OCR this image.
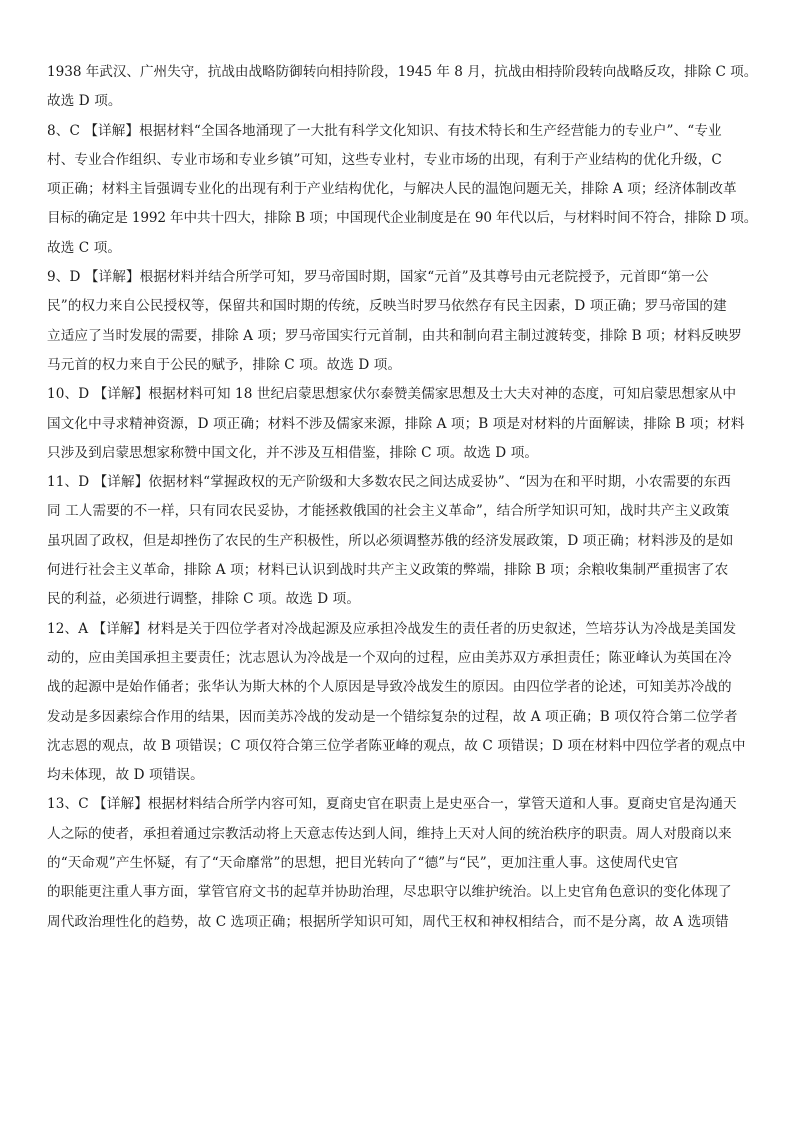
1938 年武汉、广州失守，抗战由战略防御转向相持阶段，1945 年 8 月，抗战由相持阶段转向战略反攻，排除 C 项。
故选 D 项。
8、C 【详解】根据材料“全国各地涌现了一大批有科学文化知识、有技术特长和生产经营能力的专业户”、“专业
村、专业合作组织、专业市场和专业乡镇”可知，这些专业村，专业市场的出现，有利于产业结构的优化升级，C
项正确；材料主旨强调专业化的出现有利于产业结构优化，与解决人民的温饱问题无关，排除 A 项；经济体制改革
目标的确定是 1992 年中共十四大，排除 B 项；中国现代企业制度是在 90 年代以后，与材料时间不符合，排除 D 项。
故选 C 项。
9、D 【详解】根据材料并结合所学可知，罗马帝国时期，国家“元首”及其尊号由元老院授予，元首即“第一公
民”的权力来自公民授权等，保留共和国时期的传统，反映当时罗马依然存有民主因素，D 项正确；罗马帝国的建
立适应了当时发展的需要，排除 A 项；罗马帝国实行元首制，由共和制向君主制过渡转变，排除 B 项；材料反映罗
马元首的权力来自于公民的赋予，排除 C 项。故选 D 项。
10、D 【详解】根据材料可知 18 世纪启蒙思想家伏尔泰赞美儒家思想及士大夫对神的态度，可知启蒙思想家从中
国文化中寻求精神资源，D 项正确；材料不涉及儒家来源，排除 A 项；B 项是对材料的片面解读，排除 B 项；材料
只涉及到启蒙思想家称赞中国文化，并不涉及互相借鉴，排除 C 项。故选 D 项。
11、D 【详解】依据材料“掌握政权的无产阶级和大多数农民之间达成妥协”、“因为在和平时期，小农需要的东西
同 工人需要的不一样，只有同农民妥协，才能拯救俄国的社会主义革命”，结合所学知识可知，战时共产主义政策
虽巩固了政权，但是却挫伤了农民的生产积极性，所以必须调整苏俄的经济发展政策，D 项正确；材料涉及的是如
何进行社会主义革命，排除 A 项；材料已认识到战时共产主义政策的弊端，排除 B 项；余粮收集制严重损害了农
民的利益，必须进行调整，排除 C 项。故选 D 项。
12、A 【详解】材料是关于四位学者对冷战起源及应承担冷战发生的责任者的历史叙述，竺培芬认为冷战是美国发
动的，应由美国承担主要责任；沈志恩认为冷战是一个双向的过程，应由美苏双方承担责任；陈亚峰认为英国在冷
战的起源中是始作俑者；张华认为斯大林的个人原因是导致冷战发生的原因。由四位学者的论述，可知美苏冷战的
发动是多因素综合作用的结果，因而美苏冷战的发动是一个错综复杂的过程，故 A 项正确；B 项仅符合第二位学者
沈志恩的观点，故 B 项错误；C 项仅符合第三位学者陈亚峰的观点，故 C 项错误；D 项在材料中四位学者的观点中
均未体现，故 D 项错误。
13、C 【详解】根据材料结合所学内容可知，夏商史官在职责上是史巫合一，掌管天道和人事。夏商史官是沟通天
人之际的使者，承担着通过宗教活动将上天意志传达到人间，维持上天对人间的统治秩序的职责。周人对殷商以来
的“天命观”产生怀疑，有了“天命靡常”的思想，把目光转向了“德”与“民”，更加注重人事。这使周代史官
的职能更注重人事方面，掌管官府文书的起草并协助治理，尽忠职守以维护统治。以上史官角色意识的变化体现了
周代政治理性化的趋势，故 C 选项正确；根据所学知识可知，周代王权和神权相结合，而不是分离，故 A 选项错
